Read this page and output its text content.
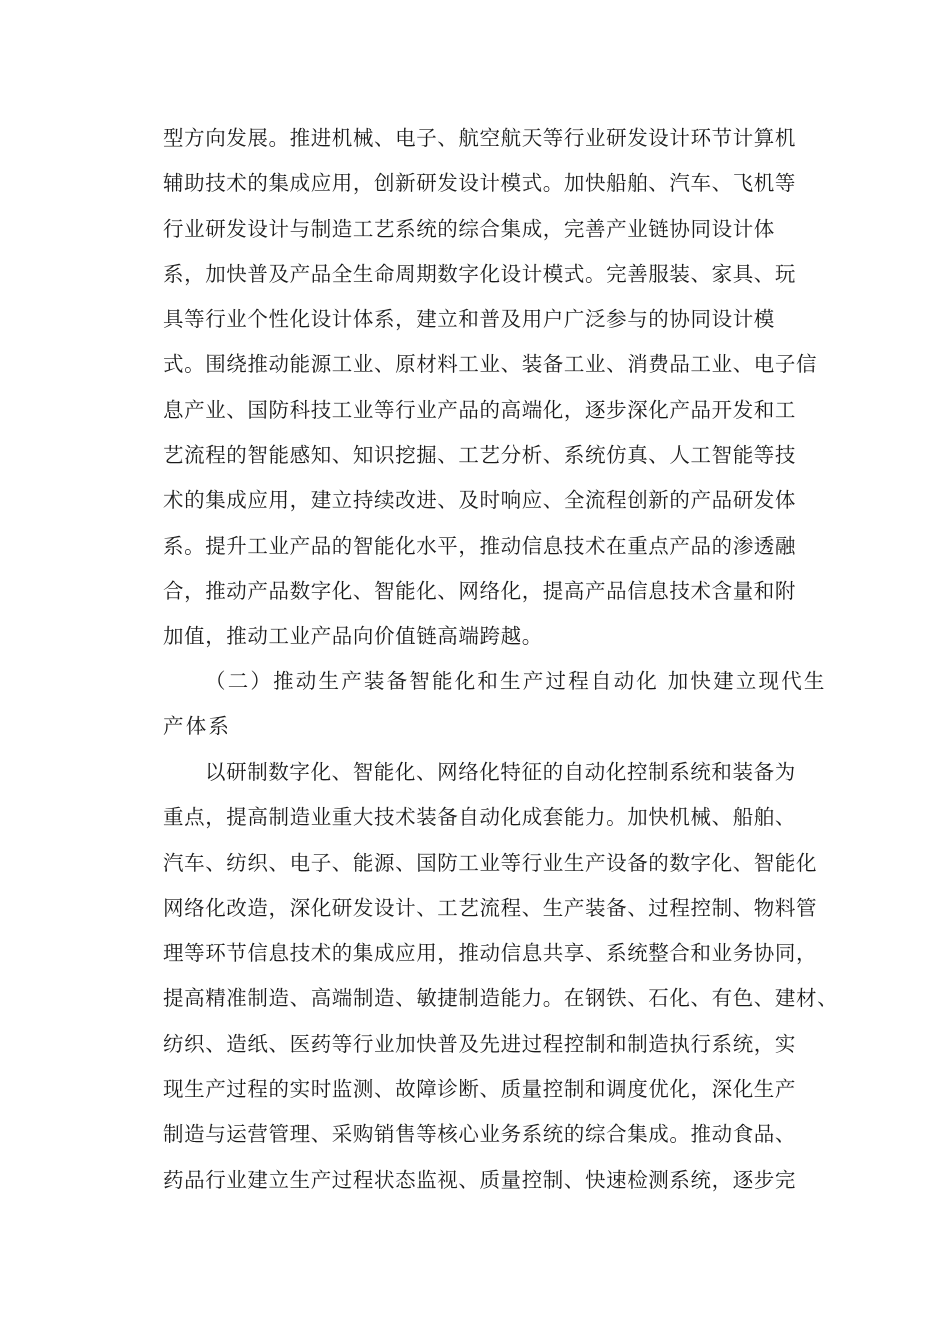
型方向发展。推进机械、电子、航空航天等行业研发设计环节计算机
辅助技术的集成应用，创新研发设计模式。加快船舶、汽车、飞机等
行业研发设计与制造工艺系统的综合集成，完善产业链协同设计体
系，加快普及产品全生命周期数字化设计模式。完善服装、家具、玩
具等行业个性化设计体系，建立和普及用户广泛参与的协同设计模
式。围绕推动能源工业、原材料工业、装备工业、消费品工业、电子信
息产业、国防科技工业等行业产品的高端化，逐步深化产品开发和工
艺流程的智能感知、知识挖掘、工艺分析、系统仿真、人工智能等技
术的集成应用，建立持续改进、及时响应、全流程创新的产品研发体
系。提升工业产品的智能化水平，推动信息技术在重点产品的渗透融
合，推动产品数字化、智能化、网络化，提高产品信息技术含量和附
加值，推动工业产品向价值链高端跨越。
（二）推动生产装备智能化和生产过程自动化 加快建立现代生
产体系
以研制数字化、智能化、网络化特征的自动化控制系统和装备为
重点，提高制造业重大技术装备自动化成套能力。加快机械、船舶、
汽车、纺织、电子、能源、国防工业等行业生产设备的数字化、智能化
网络化改造，深化研发设计、工艺流程、生产装备、过程控制、物料管
理等环节信息技术的集成应用，推动信息共享、系统整合和业务协同，
提高精准制造、高端制造、敏捷制造能力。在钢铁、石化、有色、建材、
纺织、造纸、医药等行业加快普及先进过程控制和制造执行系统，实
现生产过程的实时监测、故障诊断、质量控制和调度优化，深化生产
制造与运营管理、采购销售等核心业务系统的综合集成。推动食品、
药品行业建立生产过程状态监视、质量控制、快速检测系统，逐步完
